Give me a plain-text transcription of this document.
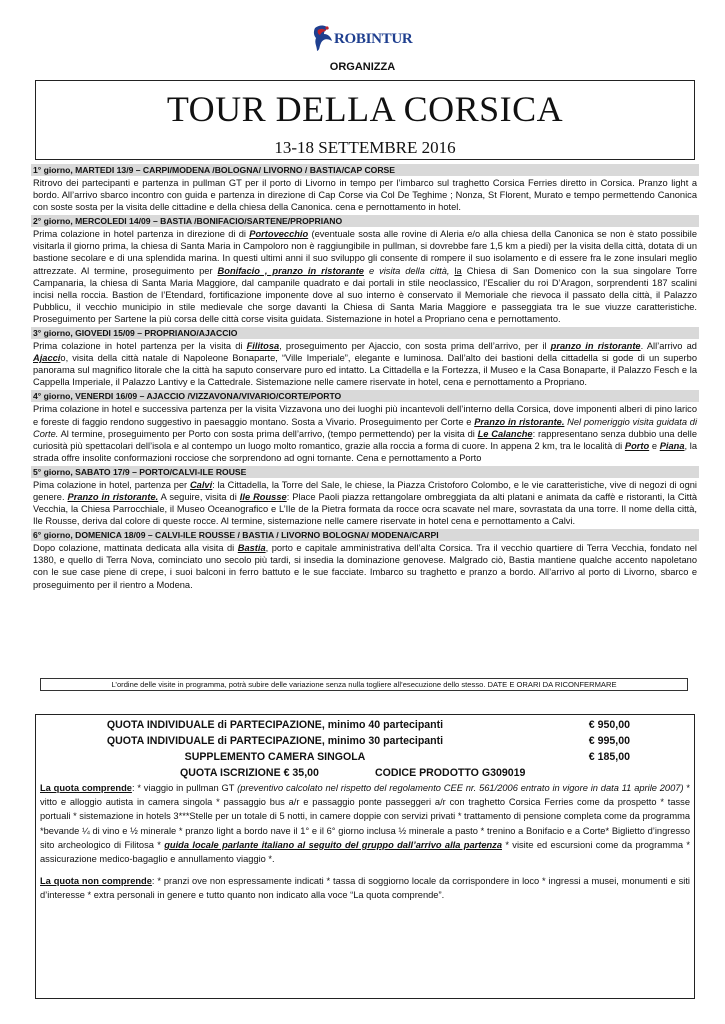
ROBINTUR
ORGANIZZA
TOUR DELLA CORSICA
13-18 SETTEMBRE 2016
1° giorno, MARTEDI 13/9 – CARPI/MODENA /BOLOGNA/ LIVORNO / BASTIA/CAP CORSE
Ritrovo dei partecipanti e partenza in pullman GT per il porto di Livorno in tempo per l’imbarco sul traghetto Corsica Ferries diretto in Corsica. Pranzo light a bordo. All’arrivo sbarco incontro con guida e partenza in direzione di Cap Corse via Col De Teghime ; Nonza, St Florent, Murato e tempo permettendo Canonica con soste sosta per la visita delle cittadine e della chiesa della Canonica. cena e pernottamento in hotel.
2° giorno, MERCOLEDI 14/09 – BASTIA /BONIFACIO/SARTENE/PROPRIANO
Prima colazione in hotel partenza in direzione di di Portovecchio (eventuale sosta alle rovine di Aleria e/o alla chiesa della Canonica se non è stato possibile visitarla il giorno prima, la chiesa di Santa Maria in Campoloro non è raggiungibile in pullman, si dovrebbe fare 1,5 km a piedi) per la visita della città, dotata di un bastione secolare e di una splendida marina. In questi ultimi anni il suo sviluppo gli consente di rompere il suo isolamento e di essere fra le zone insulari meglio attrezzate. Al termine, proseguimento per Bonifacio , pranzo in ristorante e visita della città, la Chiesa di San Domenico con la sua singolare Torre Campanaria, la chiesa di Santa Maria Maggiore, dal campanile quadrato e dai portali in stile neoclassico, l’Escalier du roi D’Aragon, sorprendenti 187 scalini incisi nella roccia. Bastion de l’Etendard, fortificazione imponente dove al suo interno è conservato il Memoriale che rievoca il passato della città, il Palazzo Pubblicu, il vecchio municipio in stile medievale che sorge davanti la Chiesa di Santa Maria Maggiore e passeggiata tra le sue viuzze caratteristiche. Proseguimento per Sartene la più corsa delle città corse visita guidata. Sistemazione in hotel a Propriano cena e pernottamento.
3° giorno, GIOVEDI 15/09 – PROPRIANO/AJACCIO
Prima colazione in hotel partenza per la visita di Filitosa, proseguimento per Ajaccio, con sosta prima dell’arrivo, per il pranzo in ristorante. All’arrivo ad Ajaccio, visita della città natale di Napoleone Bonaparte, “Ville Imperiale”, elegante e luminosa. Dall’alto dei bastioni della cittadella si gode di un superbo panorama sul magnifico litorale che la città ha saputo conservare puro ed intatto. La Cittadella e la Fortezza, il Museo e la Casa Bonaparte, il Palazzo Fesch e la Cappella Imperiale, il Palazzo Lantivy e la Cattedrale. Sistemazione nelle camere riservate in hotel, cena e pernottamento a Propriano.
4° giorno, VENERDI 16/09 – AJACCIO /VIZZAVONA/VIVARIO/CORTE/PORTO
Prima colazione in hotel e successiva partenza per la visita Vizzavona uno dei luoghi più incantevoli dell’interno della Corsica, dove imponenti alberi di pino larico e foreste di faggio rendono suggestivo in paesaggio montano. Sosta a Vivario. Proseguimento per Corte e Pranzo in ristorante. Nel pomeriggio visita guidata di Corte. Al termine, proseguimento per Porto con sosta prima dell’arrivo, (tempo permettendo) per la visita di Le Calanche: rappresentano senza dubbio una delle curiosità più spettacolari dell’isola e al contempo un luogo molto romantico, grazie alla roccia a forma di cuore. In appena 2 km, tra le località di Porto e Piana, la strada offre insolite conformazioni rocciose che sorprendono ad ogni tornante. Cena e pernottamento a Porto
5° giorno, SABATO 17/9 – PORTO/CALVI-ILE ROUSE
Pima colazione in hotel, partenza per Calvi: la Cittadella, la Torre del Sale, le chiese, la Piazza Cristoforo Colombo, e le vie caratteristiche, vive di negozi di ogni genere. Pranzo in ristorante. A seguire, visita di Ile Rousse: Place Paoli piazza rettangolare ombreggiata da alti platani e animata da caffè e ristoranti, la Città Vecchia, la Chiesa Parrocchiale, il Museo Oceanografico e L’Ile de la Pietra formata da rocce ocra scavate nel mare, sovrastata da una torre. Il nome della città, Ile Rousse, deriva dal colore di queste rocce. Al termine, sistemazione nelle camere riservate in hotel cena e pernottamento a Calvi.
6° giorno, DOMENICA 18/09 – CALVI-ILE ROUSSE / BASTIA / LIVORNO BOLOGNA/ MODENA/CARPI
Dopo colazione, mattinata dedicata alla visita di Bastia, porto e capitale amministrativa dell’alta Corsica. Tra il vecchio quartiere di Terra Vecchia, fondato nel 1380, e quello di Terra Nova, cominciato uno secolo più tardi, si insedia la dominazione genovese. Malgrado ciò, Bastia mantiene qualche accento napoletano con le sue case piene di crepe, i suoi balconi in ferro battuto e le sue facciate. Imbarco su traghetto e pranzo a bordo. All’arrivo al porto di Livorno, sbarco e proseguimento per il rientro a Modena.
L’ordine delle visite in programma, potrà subire delle variazione senza nulla togliere all’esecuzione dello stesso. DATE E ORARI DA RICONFERMARE
QUOTA INDIVIDUALE di PARTECIPAZIONE, minimo 40 partecipanti	€ 950,00
QUOTA INDIVIDUALE di PARTECIPAZIONE, minimo 30 partecipanti	€ 995,00
SUPPLEMENTO CAMERA SINGOLA	€ 185,00
QUOTA ISCRIZIONE € 35,00	CODICE PRODOTTO G309019
La quota comprende: * viaggio in pullman GT (preventivo calcolato nel rispetto del regolamento CEE nr. 561/2006 entrato in vigore in data 11 aprile 2007) * vitto e alloggio autista in camera singola * passaggio bus a/r e passaggio ponte passeggeri a/r con traghetto Corsica Ferries come da prospetto * tasse portuali * sistemazione in hotels 3***Stelle per un totale di 5 notti, in camere doppie con servizi privati * trattamento di pensione completa come da programma *bevande ¼ di vino e ½ minerale * pranzo light a bordo nave il 1° e il 6° giorno inclusa ½ minerale a pasto * trenino a Bonifacio e a Corte* Biglietto d’ingresso sito archeologico di Filitosa * guida locale parlante italiano al seguito del gruppo dall’arrivo alla partenza * visite ed escursioni come da programma * assicurazione medico-bagaglio e annullamento viaggio *.
La quota non comprende: * pranzi ove non espressamente indicati * tassa di soggiorno locale da corrispondere in loco * ingressi a musei, monumenti e siti d’interesse * extra personali in genere e tutto quanto non indicato alla voce “La quota comprende”.
